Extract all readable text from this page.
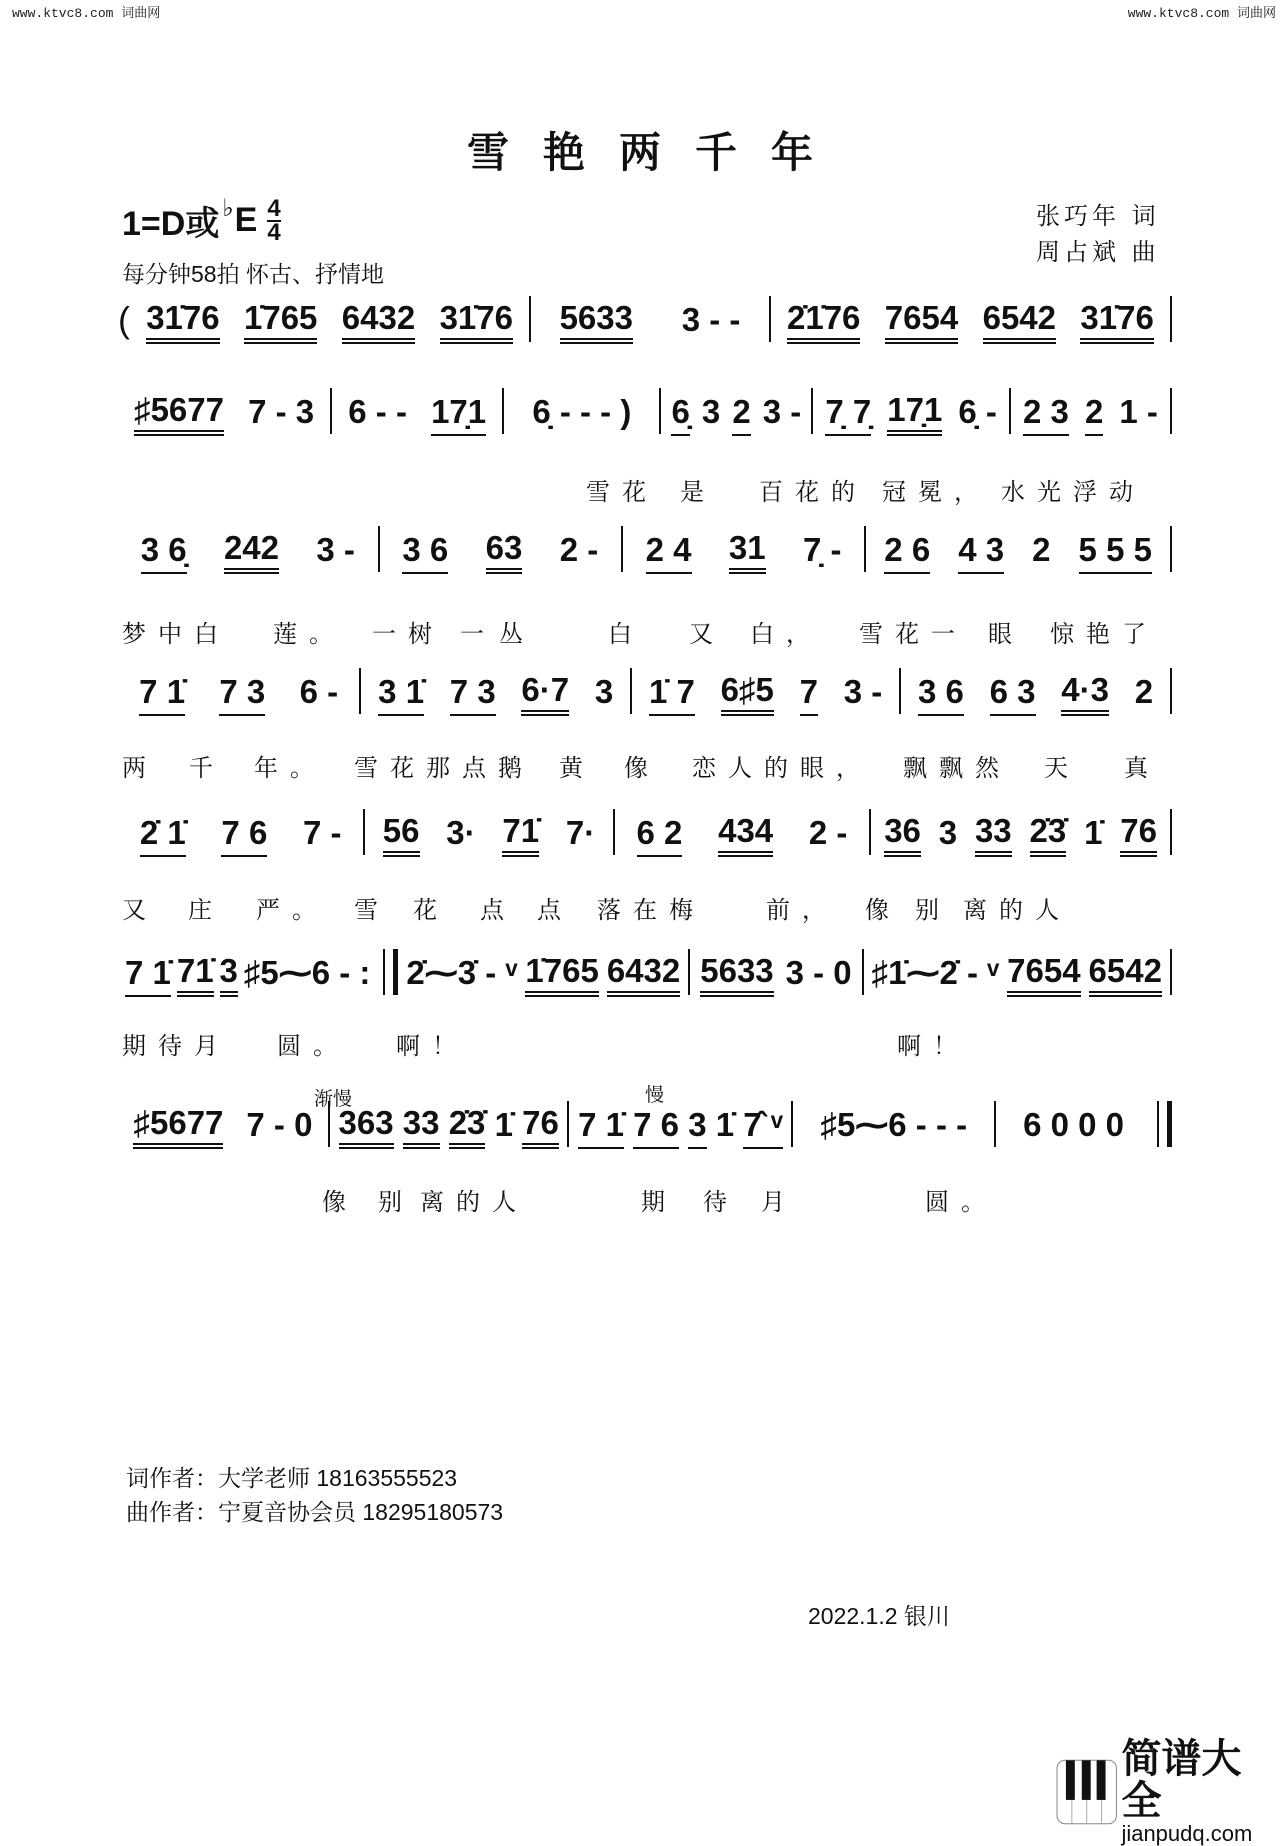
www.ktvc8.com 词曲网	www.ktvc8.com 词曲网
雪艳两千年
1=D或 ♭ E 4
4
每分钟58拍 怀古、抒情地
张巧年 词
周占斌 曲
( 31̇76 1̇765 6432 31̇76 5633 3 - - 2̇1̇76 7654 6542 31̇76
♯5677 7 - 3 6 - - 17̣1 6̣ - - - ) 6̣ 3 2 3 - 7̣ 7̣ 17̣1 6̣ - 2 3 2 1 -
雪花 是 百花的 冠冕， 水光浮动
3 6̣ 242 3 - 3 6 63 2 - 2 4 31 7̣ - 2 6 4 3 2 5 5 5
梦中白 莲。 一树 一 丛	白 又 白， 雪花一 眼 惊艳了
7 1̇ 7 3 6 - 3 1̇ 7 3 6·7 3 1̇ 7 6♯5 7 3 - 3 6 6 3 4·3 2
两 千 年。 雪花那点鹅 黄 像 恋人的眼， 飘飘然 天 真
2̇ 1̇ 7 6 7 - 56 3· 71̇ 7· 6 2 434 2 - 36 3 33 2̇3̇ 1̇ 76
又 庄 严。 雪 花 点 点 落在梅	前， 像 别 离的人
7 1̇ 71̇ 3 ♯5⁓6 - : 2̇⁓3̇ - ᵛ 1̇765 6432 5633 3 - 0 ♯1̇⁓2̇ - ᵛ 7654 6542
期待月 圆。 啊！	啊！
♯5677 7 - 0 363 33 2̇3̇ 1̇ 76 7 1̇ 7 6 3 1̇ 7̂ ᵛ ♯5⁓6 - - - 6 0 0 0
像 别 离的人	期 待 月	圆。
渐慢	慢
词作者：大学老师 18163555523
曲作者：宁夏音协会员 18295180573
2022.1.2 银川
简谱大全
jianpudq.com
